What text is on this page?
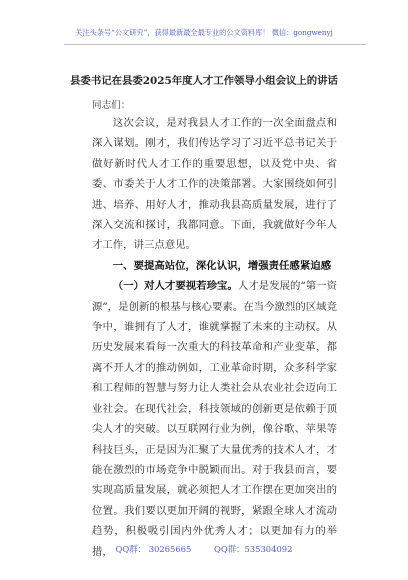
关注头条号“公文研究”，获得最新最全最专业的公文资料库！ 微信：gongwenyj
县委书记在县委2025年度人才工作领导小组会议上的讲话
同志们：

这次会议，是对我县人才工作的一次全面盘点和深入谋划。刚才，我们传达学习了习近平总书记关于做好新时代人才工作的重要思想，以及党中央、省委、市委关于人才工作的决策部署。大家围绕如何引进、培养、用好人才，推动我县高质量发展，进行了深入交流和探讨，我都同意。下面，我就做好今年人才工作，讲三点意见。

一、要提高站位，深化认识，增强责任感紧迫感

（一）对人才要视若珍宝。人才是发展的“第一资源”，是创新的根基与核心要素。在当今激烈的区域竞争中，谁拥有了人才，谁就掌握了未来的主动权。从历史发展来看每一次重大的科技革命和产业变革，都离不开人才的推动例如，工业革命时期，众多科学家和工程师的智慧与努力让人类社会从农业社会迈向工业社会。在现代社会，科技领域的创新更是依赖于顶尖人才的突破。以互联网行业为例，像谷歌、苹果等科技巨头，正是因为汇聚了大量优秀的技术人才，才能在激烈的市场竞争中脱颖而出。对于我县而言，要实现高质量发展，就必须把人才工作摆在更加突出的位置。我们要以更加开阔的视野，紧跟全球人才流动趋势，积极吸引国内外优秀人才；以更加有力的举措， QQ群： 30265665	QQ群：535304092
